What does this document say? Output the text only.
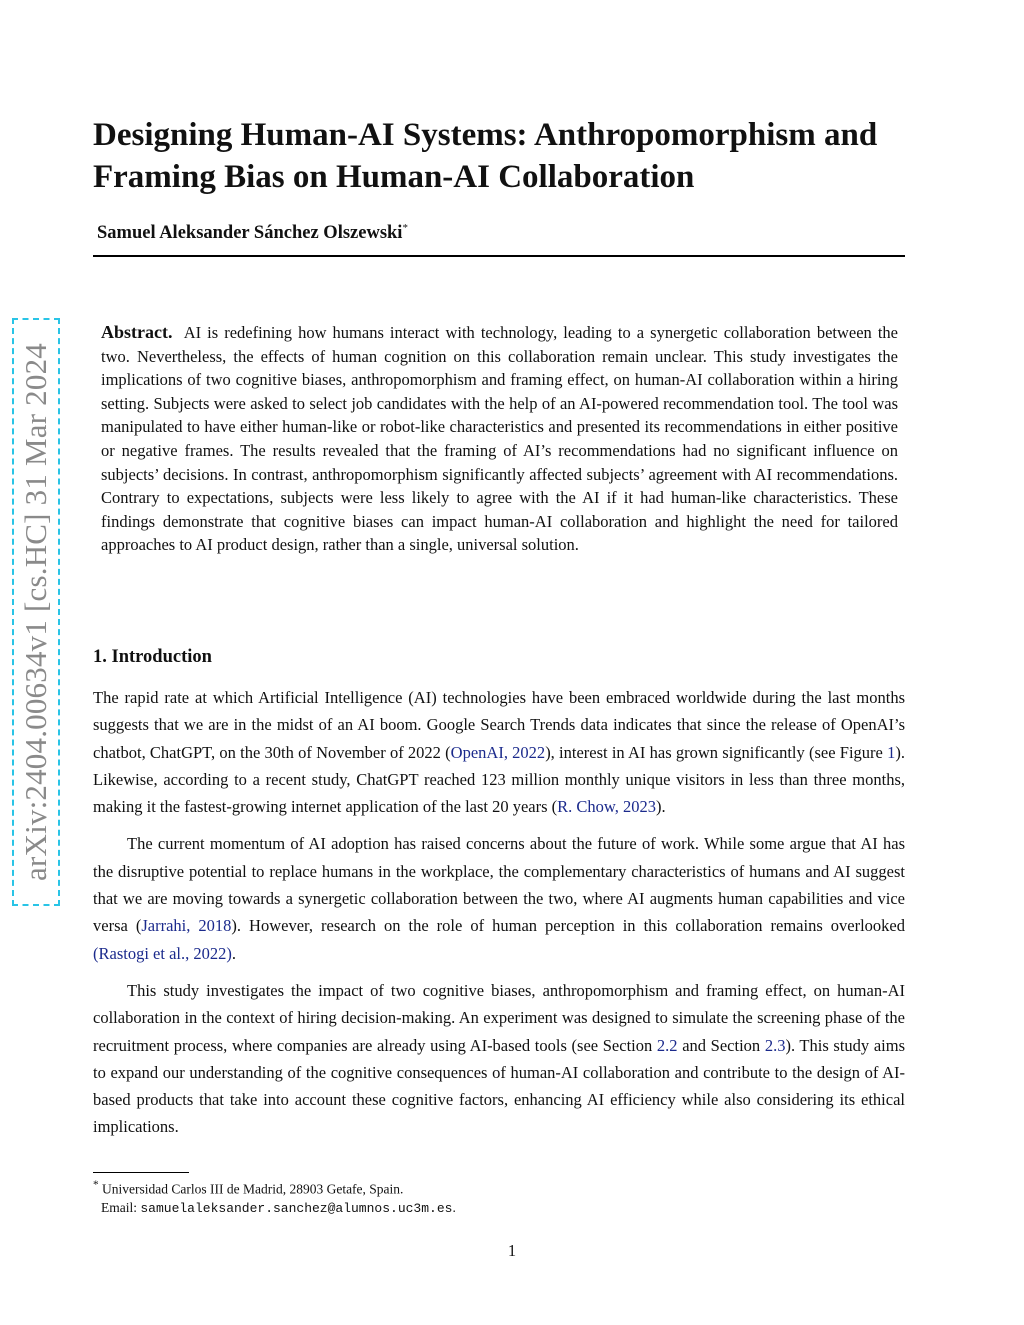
arXiv:2404.00634v1 [cs.HC] 31 Mar 2024
Designing Human-AI Systems: Anthropomorphism and Framing Bias on Human-AI Collaboration
Samuel Aleksander Sánchez Olszewski*

Abstract. AI is redefining how humans interact with technology, leading to a synergetic collaboration between the two. Nevertheless, the effects of human cognition on this collaboration remain unclear. This study investigates the implications of two cognitive biases, anthropomorphism and framing effect, on human-AI collaboration within a hiring setting. Subjects were asked to select job candidates with the help of an AI-powered recommendation tool. The tool was manipulated to have either human-like or robot-like characteristics and presented its recommendations in either positive or negative frames. The results revealed that the framing of AI’s recommendations had no significant influence on subjects’ decisions. In contrast, anthropomorphism significantly affected subjects’ agreement with AI recommendations. Contrary to expectations, subjects were less likely to agree with the AI if it had human-like characteristics. These findings demonstrate that cognitive biases can impact human-AI collaboration and highlight the need for tailored approaches to AI product design, rather than a single, universal solution.

1. Introduction

The rapid rate at which Artificial Intelligence (AI) technologies have been embraced worldwide during the last months suggests that we are in the midst of an AI boom. Google Search Trends data indicates that since the release of OpenAI’s chatbot, ChatGPT, on the 30th of November of 2022 (OpenAI, 2022), interest in AI has grown significantly (see Figure 1). Likewise, according to a recent study, ChatGPT reached 123 million monthly unique visitors in less than three months, making it the fastest-growing internet application of the last 20 years (R. Chow, 2023).

The current momentum of AI adoption has raised concerns about the future of work. While some argue that AI has the disruptive potential to replace humans in the workplace, the complementary characteristics of humans and AI suggest that we are moving towards a synergetic collaboration between the two, where AI augments human capabilities and vice versa (Jarrahi, 2018). However, research on the role of human perception in this collaboration remains overlooked (Rastogi et al., 2022).

This study investigates the impact of two cognitive biases, anthropomorphism and framing effect, on human-AI collaboration in the context of hiring decision-making. An experiment was designed to simulate the screening phase of the recruitment process, where companies are already using AI-based tools (see Section 2.2 and Section 2.3). This study aims to expand our understanding of the cognitive consequences of human-AI collaboration and contribute to the design of AI-based products that take into account these cognitive factors, enhancing AI efficiency while also considering its ethical implications.

* Universidad Carlos III de Madrid, 28903 Getafe, Spain.
Email: samuelaleksander.sanchez@alumnos.uc3m.es.
1
